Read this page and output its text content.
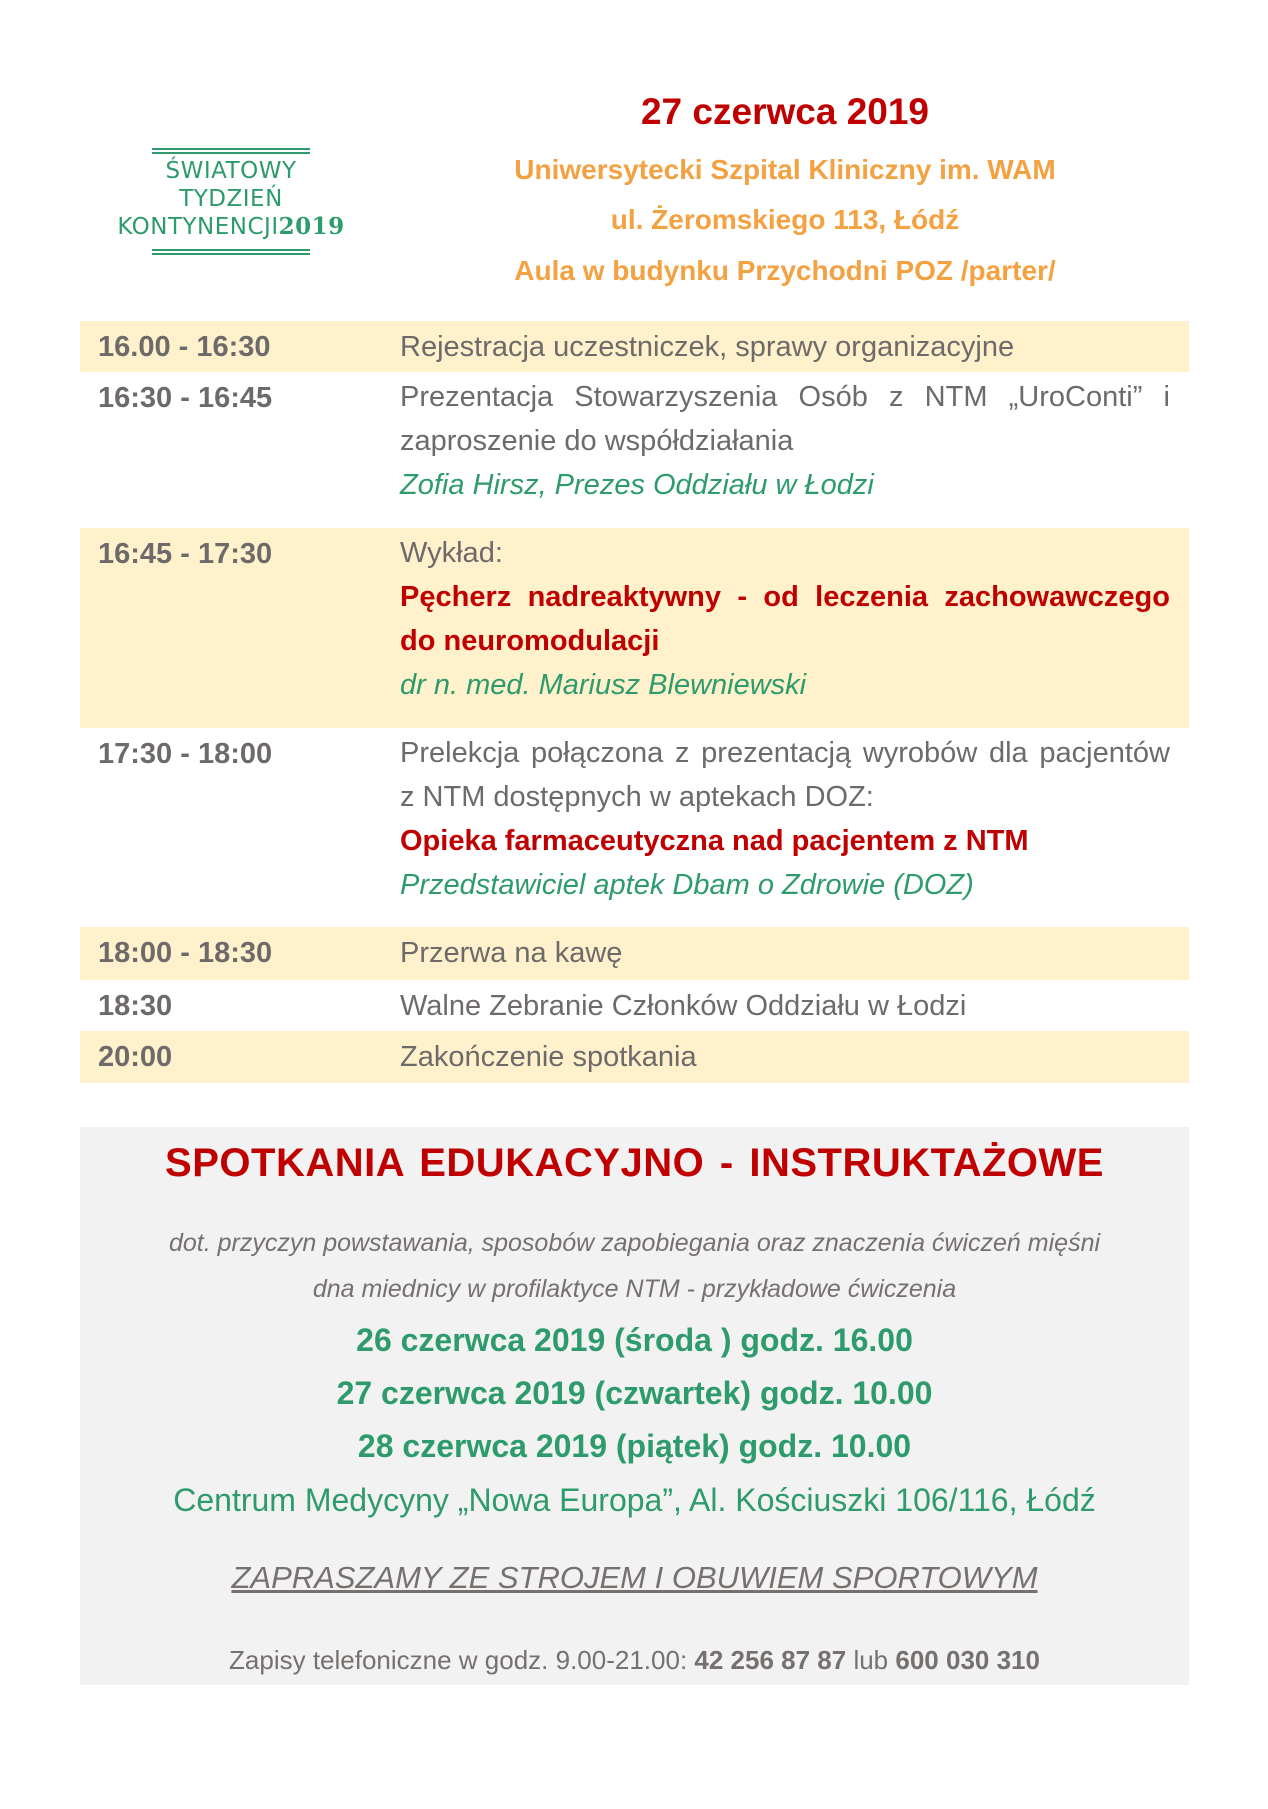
ŚWIATOWY
TYDZIEŃ
KONTYNENCJI2019
27 czerwca 2019
Uniwersytecki Szpital Kliniczny im. WAM
ul. Żeromskiego 113, Łódź
Aula w budynku Przychodni POZ /parter/
16.00 - 16:30	Rejestracja uczestniczek, sprawy organizacyjne
16:30 - 16:45	Prezentacja Stowarzyszenia Osób z NTM „UroConti” i zaproszenie do współdziałania
Zofia Hirsz, Prezes Oddziału w Łodzi
16:45 - 17:30	Wykład:
Pęcherz nadreaktywny - od leczenia zachowawczego do neuromodulacji
dr n. med. Mariusz Blewniewski
17:30 - 18:00	Prelekcja połączona z prezentacją wyrobów dla pacjentów z NTM dostępnych w aptekach DOZ:
Opieka farmaceutyczna nad pacjentem z NTM
Przedstawiciel aptek Dbam o Zdrowie (DOZ)
18:00 - 18:30	Przerwa na kawę
18:30	Walne Zebranie Członków Oddziału w Łodzi
20:00	Zakończenie spotkania
SPOTKANIA EDUKACYJNO - INSTRUKTAŻOWE
dot. przyczyn powstawania, sposobów zapobiegania oraz znaczenia ćwiczeń mięśni
dna miednicy w profilaktyce NTM - przykładowe ćwiczenia
26 czerwca 2019 (środa ) godz. 16.00
27 czerwca 2019 (czwartek) godz. 10.00
28 czerwca 2019 (piątek) godz. 10.00
Centrum Medycyny „Nowa Europa”, Al. Kościuszki 106/116, Łódź
ZAPRASZAMY ZE STROJEM I OBUWIEM SPORTOWYM
Zapisy telefoniczne w godz. 9.00-21.00: 42 256 87 87 lub 600 030 310
